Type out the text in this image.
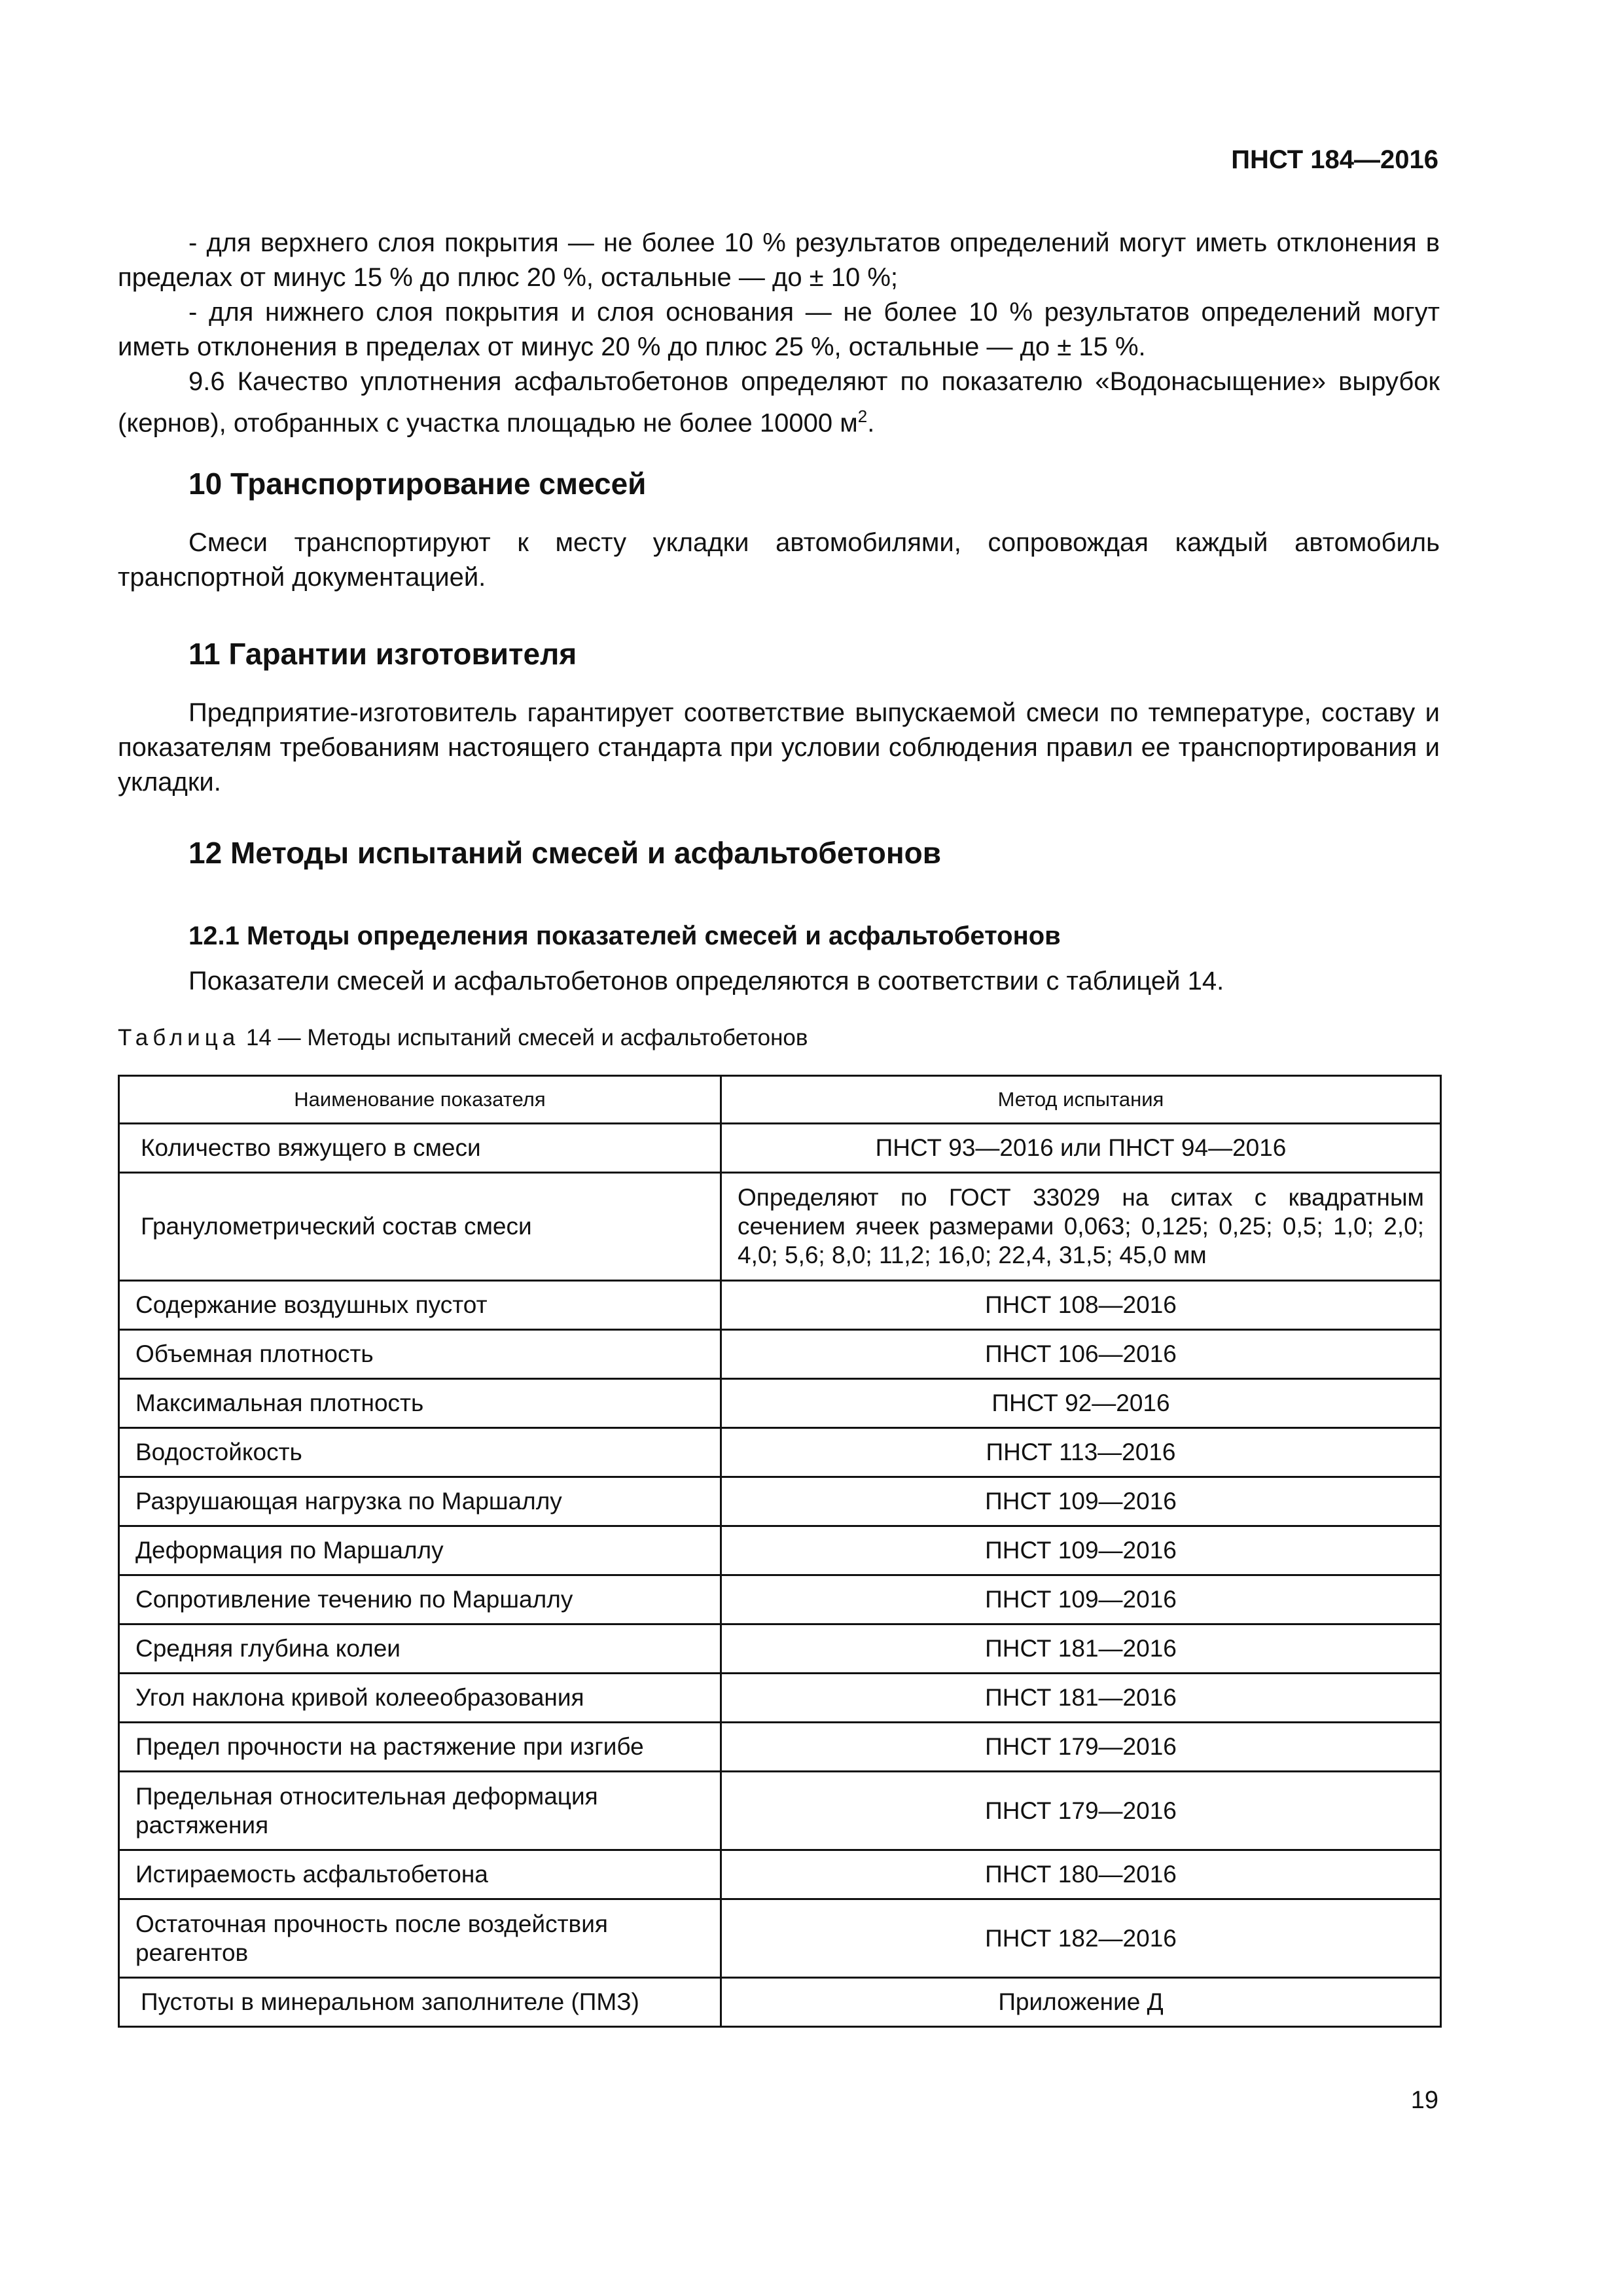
ПНСТ 184—2016

- для верхнего слоя покрытия — не более 10 % результатов определений могут иметь отклонения в пределах от минус 15 % до плюс 20 %, остальные — до ± 10 %;

- для нижнего слоя покрытия и слоя основания — не более 10 % результатов определений могут иметь отклонения в пределах от минус 20 % до плюс 25 %, остальные — до ± 15 %.

9.6 Качество уплотнения асфальтобетонов определяют по показателю «Водонасыщение» вырубок (кернов), отобранных с участка площадью не более 10000 $м^2$.

10 Транспортирование смесей

Смеси транспортируют к месту укладки автомобилями, сопровождая каждый автомобиль транспортной документацией.

11 Гарантии изготовителя

Предприятие-изготовитель гарантирует соответствие выпускаемой смеси по температуре, составу и показателям требованиям настоящего стандарта при условии соблюдения правил ее транспортирования и укладки.

12 Методы испытаний смесей и асфальтобетонов
12.1 Методы определения показателей смесей и асфальтобетонов

Показатели смесей и асфальтобетонов определяются в соответствии с таблицей 14.

Таблица 14 — Методы испытаний смесей и асфальтобетонов
Наименование показателя	Метод испытания
Количество вяжущего в смеси	ПНСТ 93—2016 или ПНСТ 94—2016
Гранулометрический состав смеси	Определяют по ГОСТ 33029 на ситах с квадратным сечением ячеек размерами 0,063; 0,125; 0,25; 0,5; 1,0; 2,0; 4,0; 5,6; 8,0; 11,2; 16,0; 22,4, 31,5; 45,0 мм
Содержание воздушных пустот	ПНСТ 108—2016
Объемная плотность	ПНСТ 106—2016
Максимальная плотность	ПНСТ 92—2016
Водостойкость	ПНСТ 113—2016
Разрушающая нагрузка по Маршаллу	ПНСТ 109—2016
Деформация по Маршаллу	ПНСТ 109—2016
Сопротивление течению по Маршаллу	ПНСТ 109—2016
Средняя глубина колеи	ПНСТ 181—2016
Угол наклона кривой колееобразования	ПНСТ 181—2016
Предел прочности на растяжение при изгибе	ПНСТ 179—2016
Предельная относительная деформация растяжения	ПНСТ 179—2016
Истираемость асфальтобетона	ПНСТ 180—2016
Остаточная прочность после воздействия реагентов	ПНСТ 182—2016
Пустоты в минеральном заполнителе (ПМЗ)	Приложение Д
19
